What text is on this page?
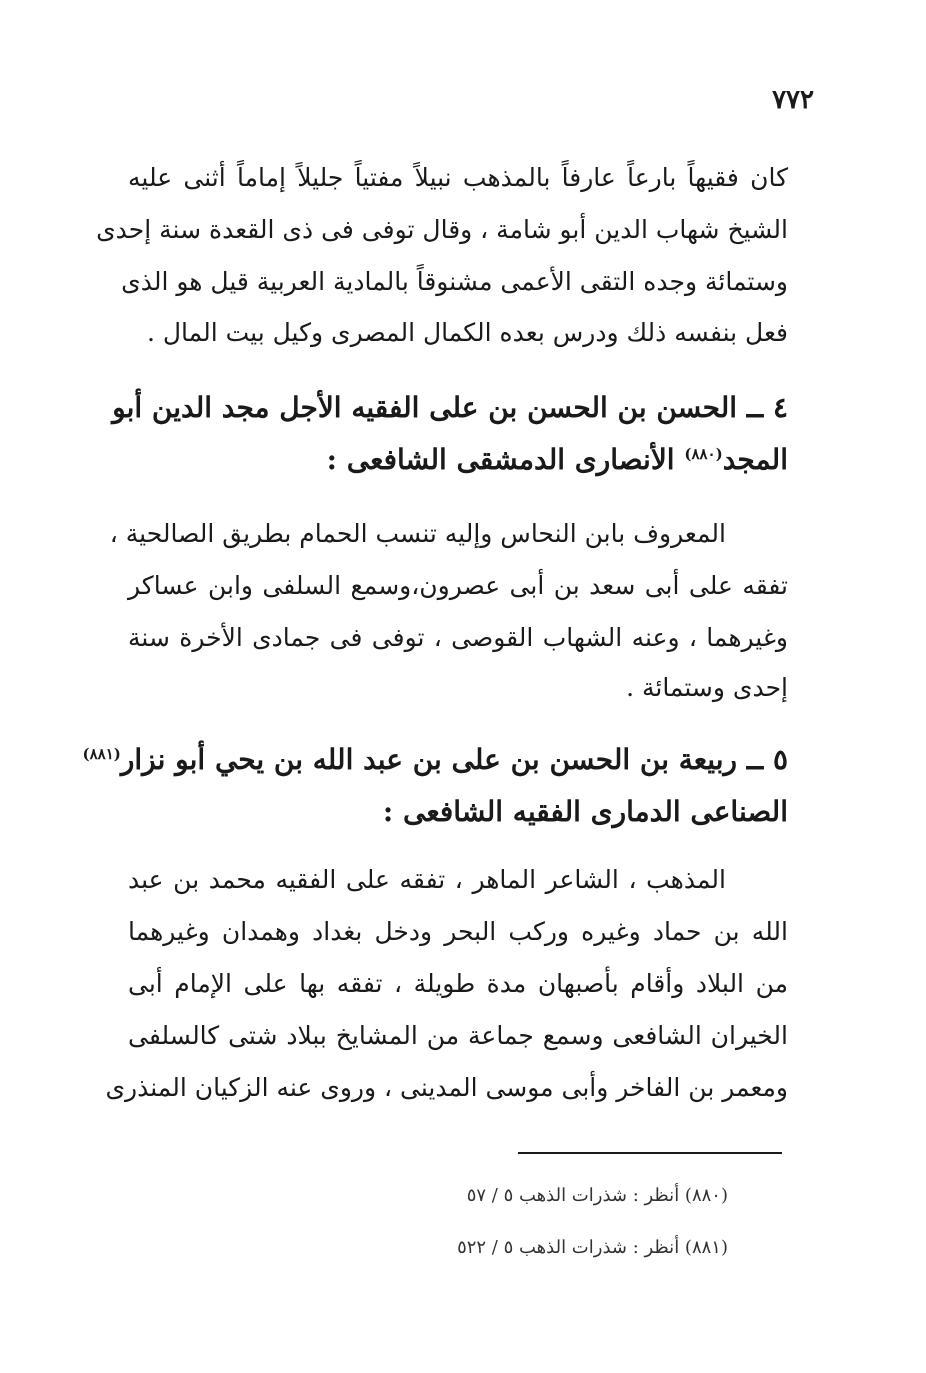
٧٧٢
كان فقيهاً بارعاً عارفاً بالمذهب نبيلاً مفتياً جليلاً إماماً أثنى عليه
الشيخ شهاب الدين أبو شامة ، وقال توفى فى ذى القعدة سنة إحدى
وستمائة وجده التقى الأعمى مشنوقاً بالمادية العربية قيل هو الذى
فعل بنفسه ذلك ودرس بعده الكمال المصرى وكيل بيت المال .
٤ ــ الحسن بن الحسن بن على الفقيه الأجل مجد الدين أبو
المجد$^{(٨٨٠)}$ الأنصارى الدمشقى الشافعى :
المعروف بابن النحاس وإليه تنسب الحمام بطريق الصالحية ،
تفقه على أبى سعد بن أبى عصرون،وسمع السلفى وابن عساكر
وغيرهما ، وعنه الشهاب القوصى ، توفى فى جمادى الأخرة سنة
إحدى وستمائة .
٥ ــ ربيعة بن الحسن بن على بن عبد الله بن يحي أبو نزار$^{(٨٨١)}$
الصناعى الدمارى الفقيه الشافعى :
المذهب ، الشاعر الماهر ، تفقه على الفقيه محمد بن عبد
الله بن حماد وغيره وركب البحر ودخل بغداد وهمدان وغيرهما
من البلاد وأقام بأصبهان مدة طويلة ، تفقه بها على الإمام أبى
الخيران الشافعى وسمع جماعة من المشايخ ببلاد شتى كالسلفى
ومعمر بن الفاخر وأبى موسى المدينى ، وروى عنه الزكيان المنذرى
(٨٨٠) أنظر : شذرات الذهب ٥ / ٥٧
(٨٨١) أنظر : شذرات الذهب ٥ / ٥٢٢
